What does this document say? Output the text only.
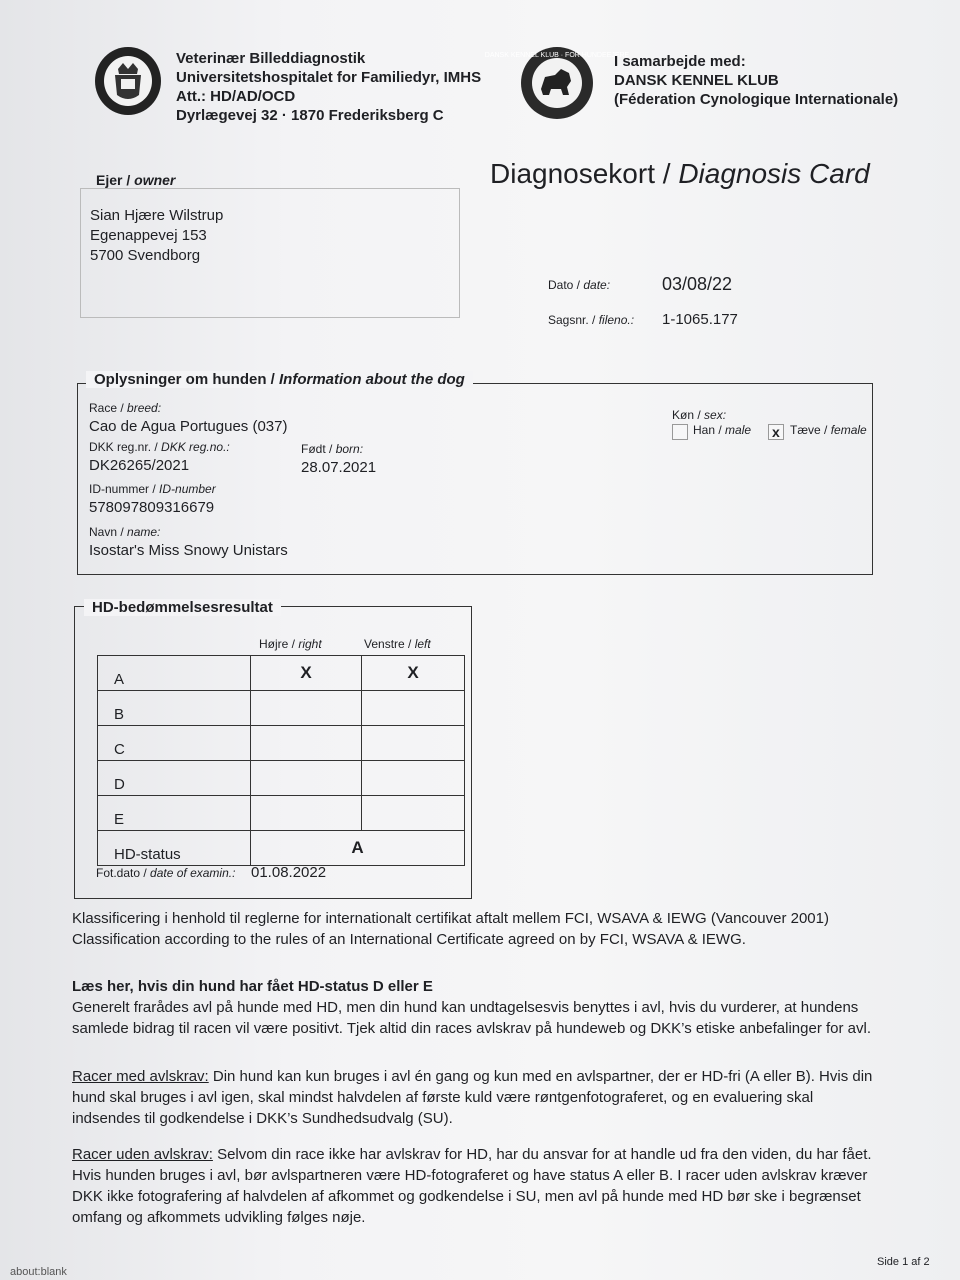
Veterinær Billeddiagnostik
Universitetshospitalet for Familiedyr, IMHS
Att.: HD/AD/OCD
Dyrlægevej 32 · 1870 Frederiksberg C
DANSK KENNEL KLUB · FOR HUNDEEJERE
I samarbejde med:
DANSK KENNEL KLUB
(Féderation Cynologique Internationale)
Ejer / owner
Sian Hjære Wilstrup
Egenappevej 153
5700 Svendborg
Diagnosekort / Diagnosis Card
Dato / date:	03/08/22
Sagsnr. / fileno.: 1-1065.177
Oplysninger om hunden / Information about the dog
Race / breed:
Cao de Agua Portugues (037)
DKK reg.nr. / DKK reg.no.:
DK26265/2021
Født / born:
28.07.2021
ID-nummer / ID-number
578097809316679
Navn / name:
Isostar's Miss Snowy Unistars
Køn / sex:
Han / male x Tæve / female
HD-bedømmelsesresultat
Højre / right	Venstre / left
A	X	X
B		
C		
D		
E		
HD-status	A	
Fot.dato / date of examin.: 01.08.2022
Klassificering i henhold til reglerne for internationalt certifikat aftalt mellem FCI, WSAVA & IEWG (Vancouver 2001)
Classification according to the rules of an International Certificate agreed on by FCI, WSAVA & IEWG.
Læs her, hvis din hund har fået HD-status D eller E
Generelt frarådes avl på hunde med HD, men din hund kan undtagelsesvis benyttes i avl, hvis du vurderer, at hundens samlede bidrag til racen vil være positivt. Tjek altid din races avlskrav på hundeweb og DKK’s etiske anbefalinger for avl.
Racer med avlskrav: Din hund kan kun bruges i avl én gang og kun med en avlspartner, der er HD-fri (A eller B). Hvis din hund skal bruges i avl igen, skal mindst halvdelen af første kuld være røntgenfotograferet, og en evaluering skal indsendes til godkendelse i DKK’s Sundhedsudvalg (SU).
Racer uden avlskrav: Selvom din race ikke har avlskrav for HD, har du ansvar for at handle ud fra den viden, du har fået. Hvis hunden bruges i avl, bør avlspartneren være HD-fotograferet og have status A eller B. I racer uden avlskrav kræver DKK ikke fotografering af halvdelen af afkommet og godkendelse i SU, men avl på hunde med HD bør ske i begrænset omfang og afkommets udvikling følges nøje.
Side 1 af 2
about:blank
